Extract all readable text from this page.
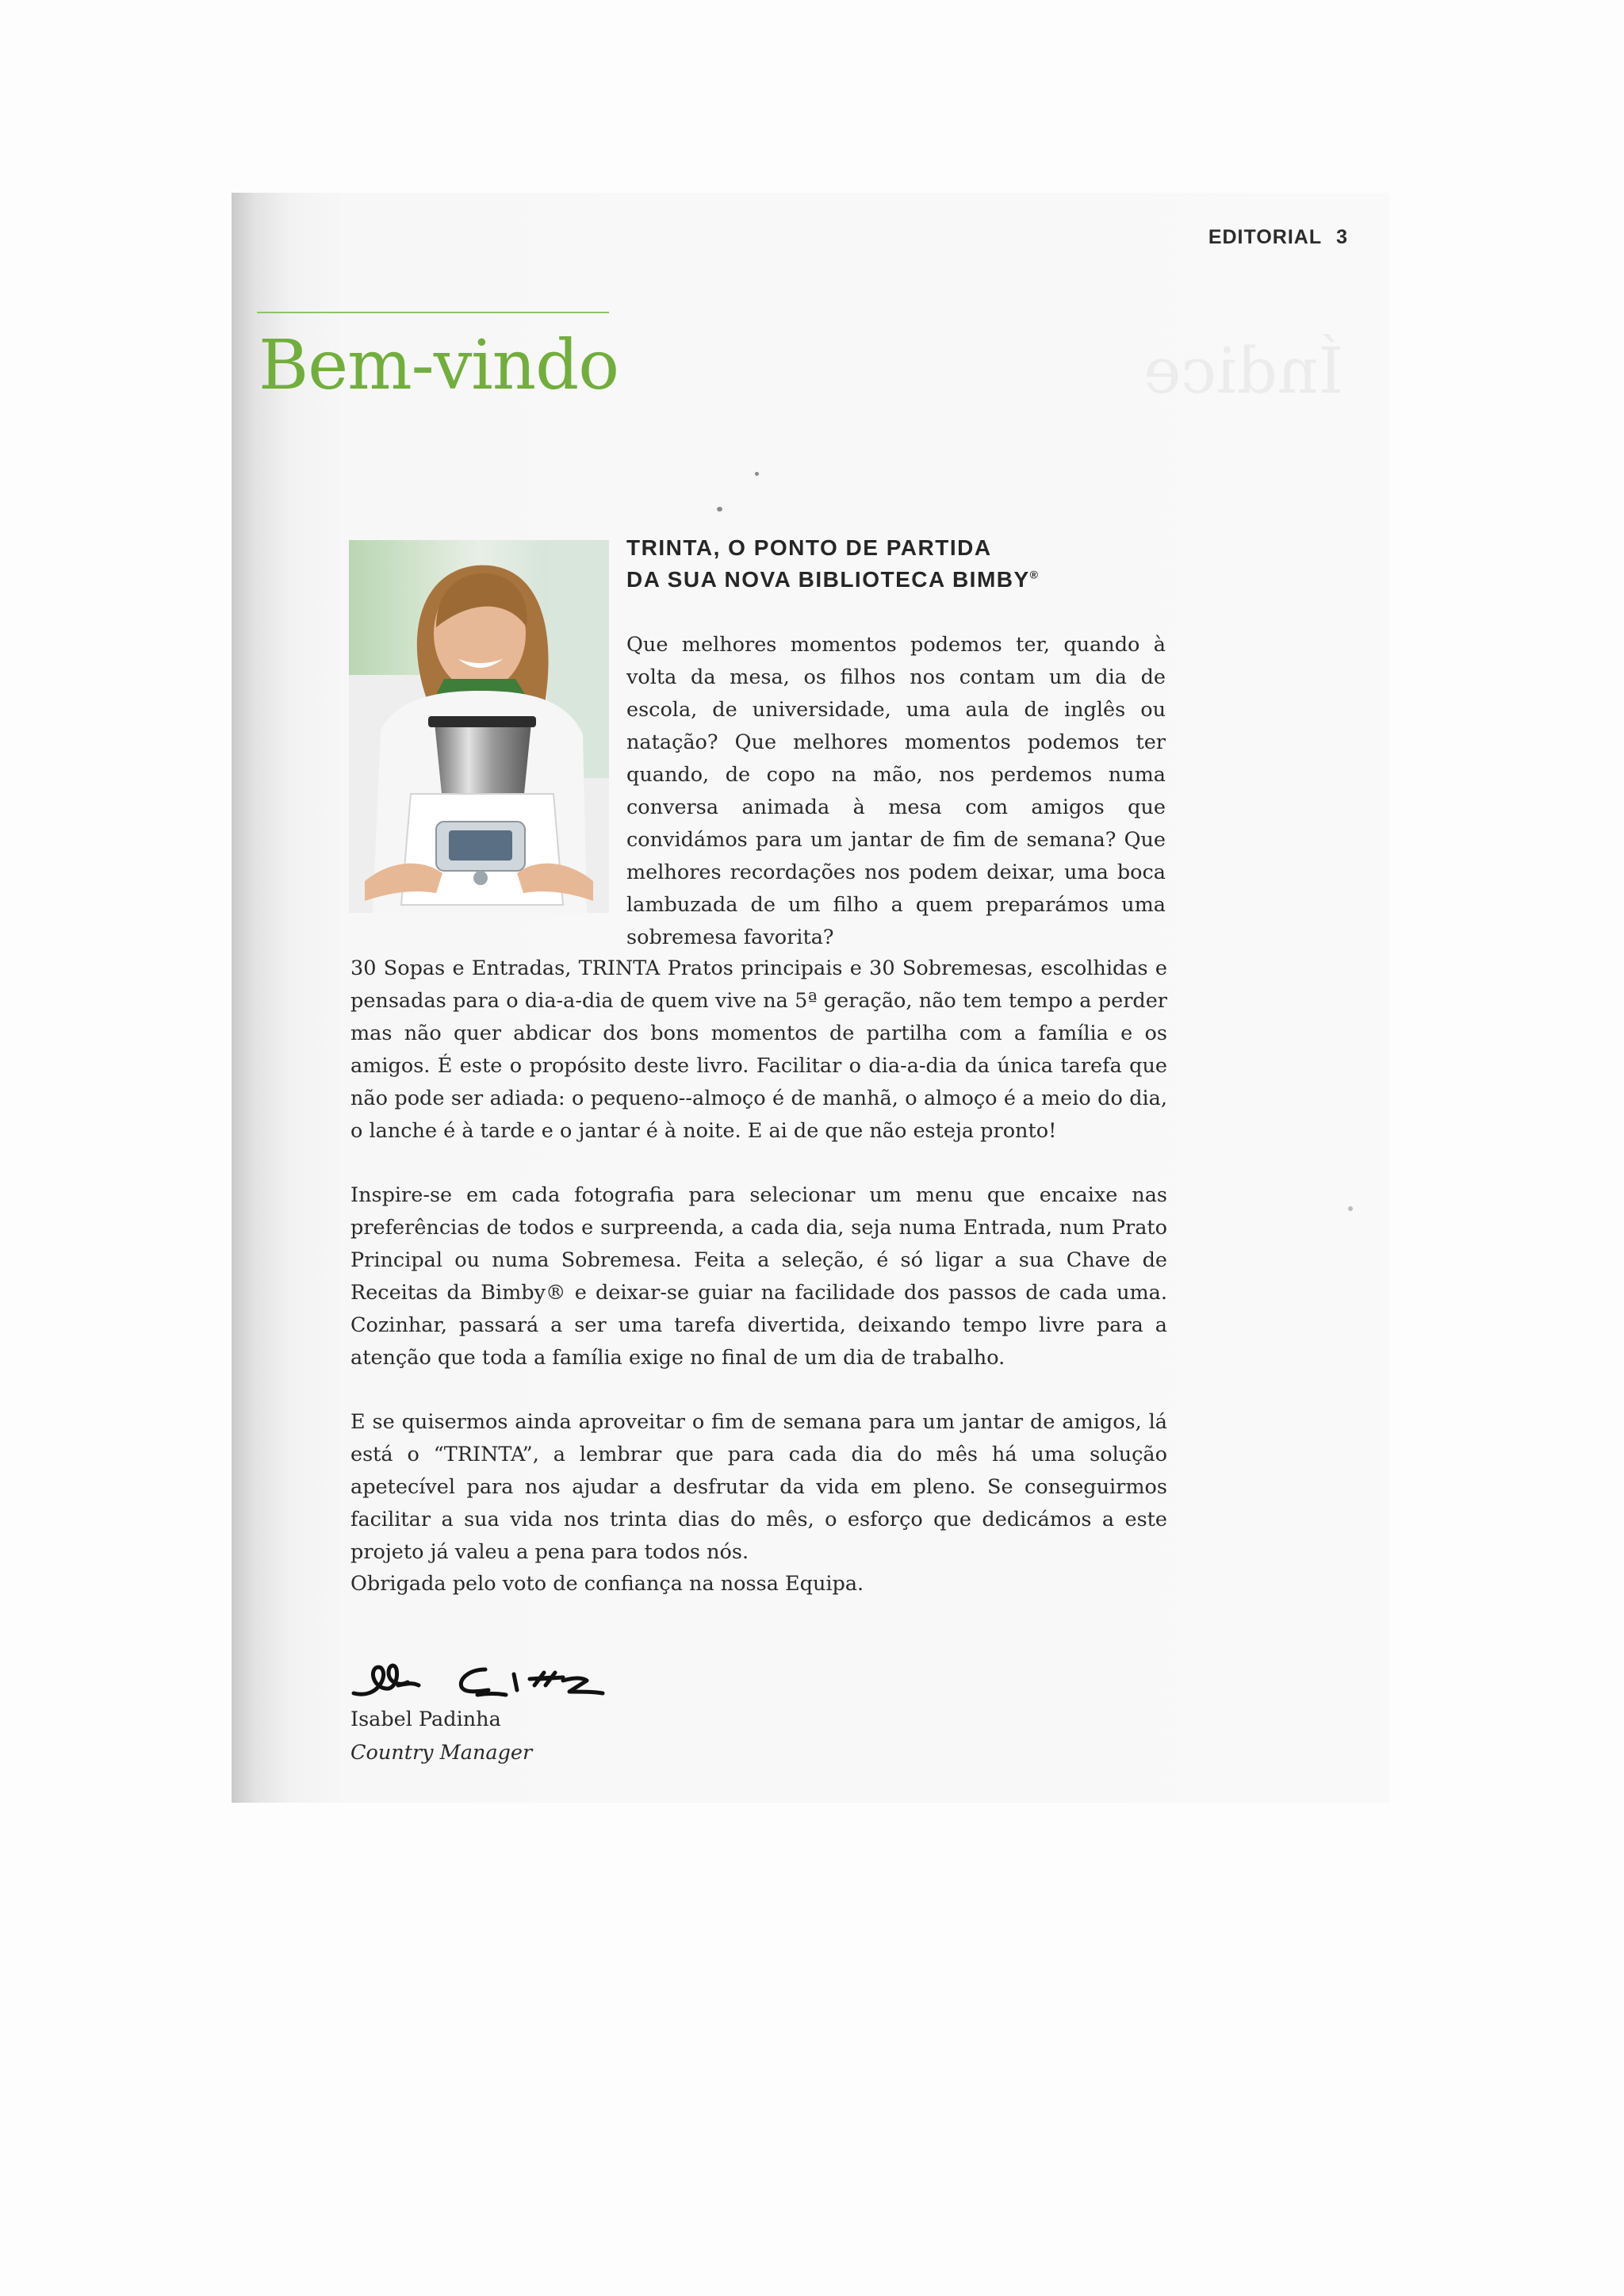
EDITORIAL 3
Bem-vindo	Índice
TRINTA, O PONTO DE PARTIDA
DA SUA NOVA BIBLIOTECA BIMBY®

Que melhores momentos podemos ter, quando à volta da mesa, os filhos nos contam um dia de escola, de universidade, uma aula de inglês ou natação? Que melhores momentos podemos ter quando, de copo na mão, nos perdemos numa conversa animada à mesa com amigos que convidámos para um jantar de fim de semana? Que melhores recordações nos podem deixar, uma boca lambuzada de um filho a quem preparámos uma sobremesa favorita?

30 Sopas e Entradas, TRINTA Pratos principais e 30 Sobremesas, escolhidas e pensadas para o dia-a-dia de quem vive na 5ª geração, não tem tempo a perder mas não quer abdicar dos bons momentos de partilha com a família e os amigos. É este o propósito deste livro. Facilitar o dia-a-dia da única tarefa que não pode ser adiada: o pequeno--almoço é de manhã, o almoço é a meio do dia, o lanche é à tarde e o jantar é à noite. E ai de que não esteja pronto!

Inspire-se em cada fotografia para selecionar um menu que encaixe nas preferências de todos e surpreenda, a cada dia, seja numa Entrada, num Prato Principal ou numa Sobremesa. Feita a seleção, é só ligar a sua Chave de Receitas da Bimby® e deixar-se guiar na facilidade dos passos de cada uma. Cozinhar, passará a ser uma tarefa divertida, deixando tempo livre para a atenção que toda a família exige no final de um dia de trabalho.

E se quisermos ainda aproveitar o fim de semana para um jantar de amigos, lá está o “TRINTA”, a lembrar que para cada dia do mês há uma solução apetecível para nos ajudar a desfrutar da vida em pleno. Se conseguirmos facilitar a sua vida nos trinta dias do mês, o esforço que dedicámos a este projeto já valeu a pena para todos nós.

Obrigada pelo voto de confiança na nossa Equipa.

Isabel Padinha
Country Manager
